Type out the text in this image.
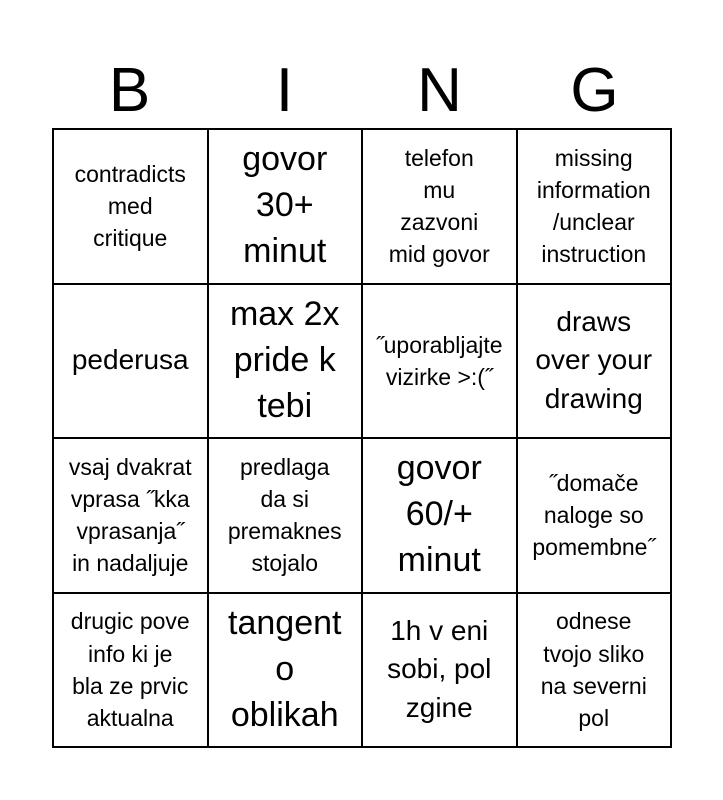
B	I	N	G
contradicts
med
critique
govor
30+
minut
telefon
mu
zazvoni
mid govor
missing
information
/unclear
instruction
pederusa
max 2x
pride k
tebi
˝uporabljajte
vizirke >:(˝
draws
over your
drawing
vsaj dvakrat
vprasa ˝kka
vprasanja˝
in nadaljuje
predlaga
da si
premaknes
stojalo
govor
60/+
minut
˝domače
naloge so
pomembne˝
drugic pove
info ki je
bla ze prvic
aktualna
tangent
o
oblikah
1h v eni
sobi, pol
zgine
odnese
tvojo sliko
na severni
pol
